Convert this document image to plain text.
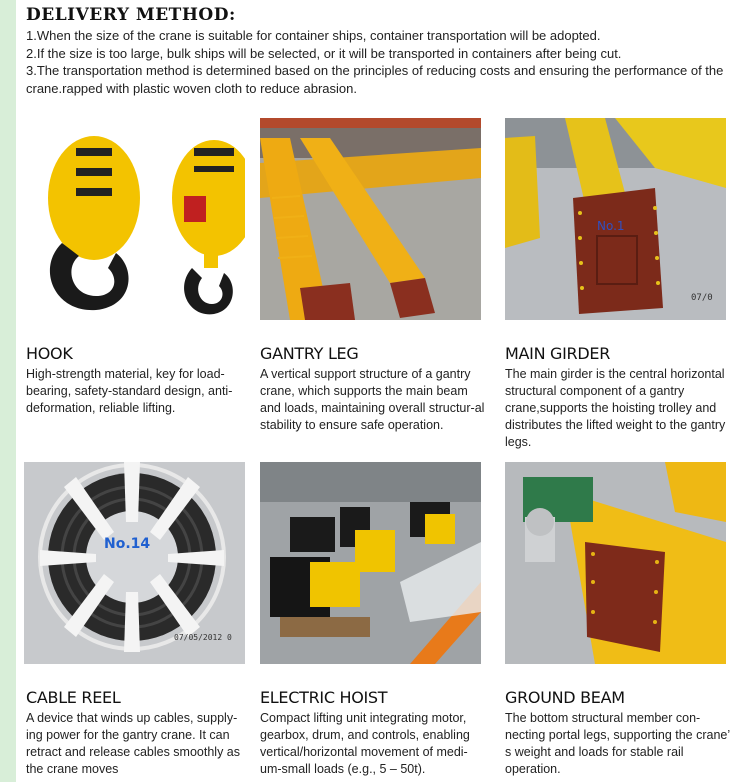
DELIVERY METHOD:

1.When the size of the crane is suitable for container ships, container transportation will be adopted.

2.If the size is too large, bulk ships will be selected, or it will be transported in containers after being cut.

3.The transportation method is determined based on the principles of reducing costs and ensuring the performance of the crane.rapped with plastic woven cloth to reduce abrasion.

No.1
07/0
HOOK

High-strength material, key for load-bearing, safety-standard design, anti-deformation, reliable lifting.

GANTRY LEG

A vertical support structure of a gantry crane, which supports the main beam and loads, maintaining overall structur-al stability to ensure safe operation.

MAIN GIRDER

The main girder is the central horizontal structural component of a gantry crane,supports the hoisting trolley and distributes the lifted weight to the gantry legs.

No.14
07/05/2012 0
CABLE REEL

A device that winds up cables, supply-ing power for the gantry crane. It can retract and release cables smoothly as the crane moves

ELECTRIC HOIST

Compact lifting unit integrating motor, gearbox, drum, and controls, enabling vertical/horizontal movement of medi-um-small loads (e.g., 5 – 50t).

GROUND BEAM

The bottom structural member con-necting portal legs, supporting the crane’ s weight and loads for stable rail operation.
